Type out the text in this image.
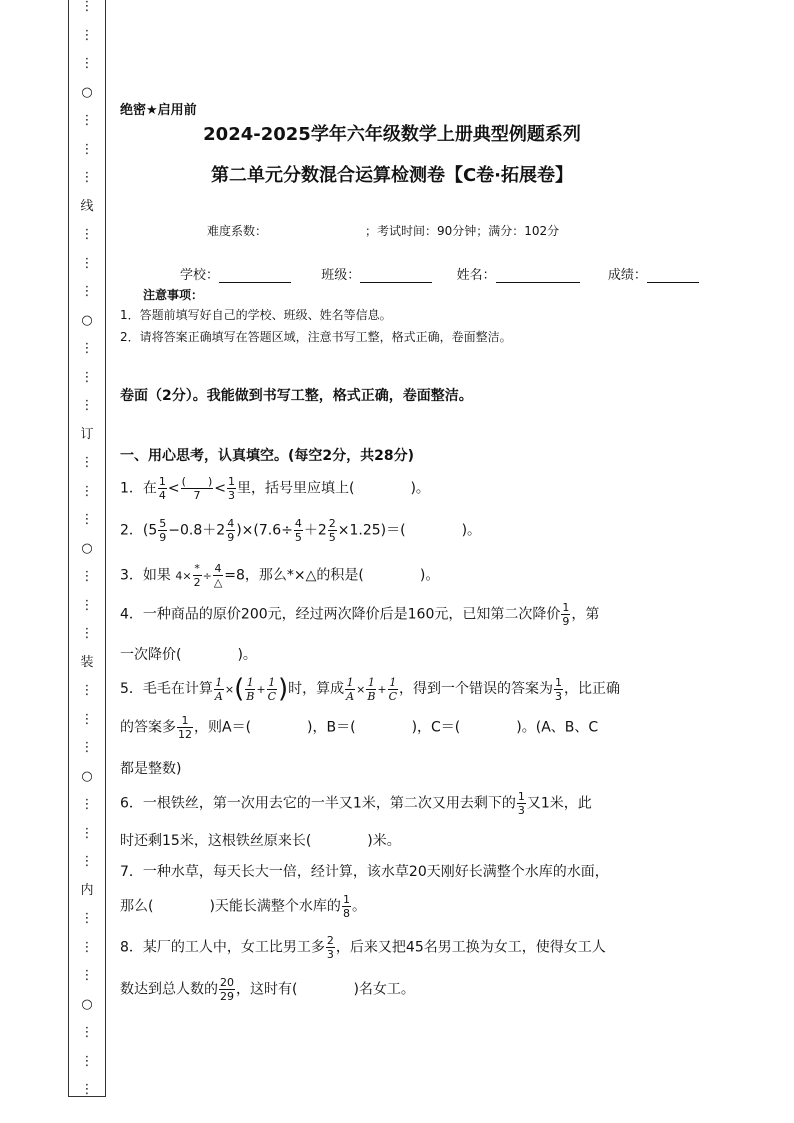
⋮
⋮
⋮
○
⋮
⋮
⋮
线
⋮
⋮
⋮
○
⋮
⋮
⋮
订
⋮
⋮
⋮
○
⋮
⋮
⋮
装
⋮
⋮
⋮
○
⋮
⋮
⋮
内
⋮
⋮
⋮
○
⋮
⋮
⋮
绝密★启用前
2024-2025学年六年级数学上册典型例题系列
第二单元分数混合运算检测卷【C卷·拓展卷】
难度系数：	；考试时间：90分钟；满分：102分
学校：	班级：	姓名：	成绩：
注意事项：
1．答题前填写好自己的学校、班级、姓名等信息。
2．请将答案正确填写在答题区域，注意书写工整，格式正确，卷面整洁。
卷面（2分）。我能做到书写工整，格式正确，卷面整洁。
一、用心思考，认真填空。(每空2分，共28分)
1．在 $\frac{1}{4} < \frac{( )}{7} < \frac{1}{3}$ 里，括号里应填上(　　　　)。
2．$(5 \frac{5}{9} -0.8+2 \frac{4}{9} )\times(7.6\div \frac{4}{5} +2 \frac{2}{5} \times 1.25)=$(　　　　)。
3．如果 $4\times \frac{*}{2} \div \frac{4}{\triangle} =8$，那么*×△的积是(　　　　)。
4．一种商品的原价200元，经过两次降价后是160元，已知第二次降价 $\frac{1}{9}$ ，第
一次降价(　　　　)。
5．毛毛在计算 $\frac{1}{A}$ ×( $\frac{1}{B} + \frac{1}{C}$ )时，算成 $\frac{1}{A} \times \frac{1}{B} + \frac{1}{C}$ ，得到一个错误的答案为 $\frac{1}{3}$ ，比正确
的答案多 $\frac{1}{12}$ ，则A＝(　　　　)，B＝(　　　　)，C＝(　　　　)。(A、B、C
都是整数)
6．一根铁丝，第一次用去它的一半又1米，第二次又用去剩下的 $\frac{1}{3}$ 又1米，此
时还剩15米，这根铁丝原来长(　　　　)米。
7．一种水草，每天长大一倍，经计算，该水草20天刚好长满整个水库的水面，
那么(　　　　)天能长满整个水库的 $\frac{1}{8}$ 。
8．某厂的工人中，女工比男工多 $\frac{2}{3}$ ，后来又把45名男工换为女工，使得女工人
数达到总人数的 $\frac{20}{29}$ ，这时有(　　　　)名女工。
